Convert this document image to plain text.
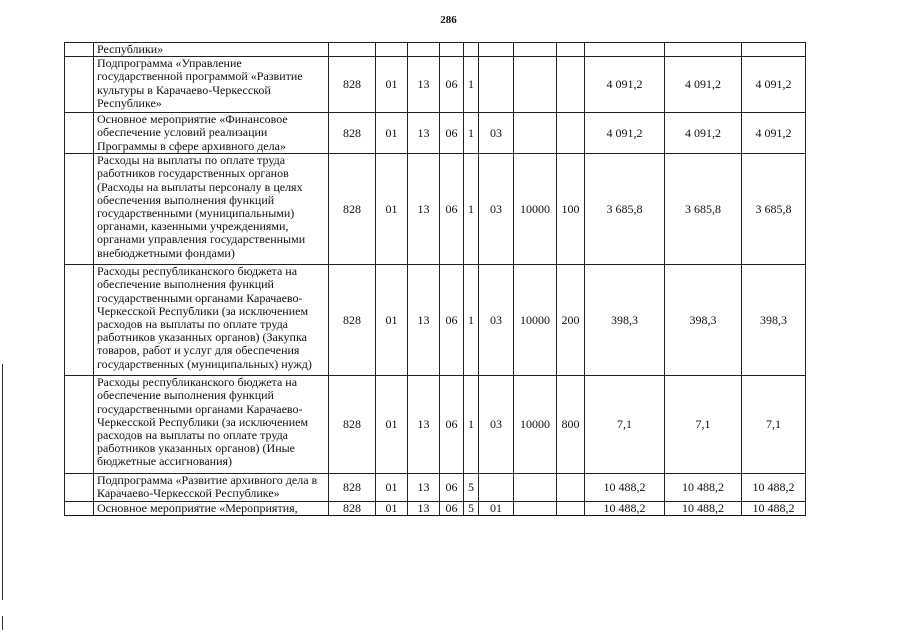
286
	Республики»											
	Подпрограмма «Управление государственной программой «Развитие культуры в Карачаево-Черкесской Республике»	828	01	13	06	1				4 091,2	4 091,2	4 091,2
	Основное мероприятие «Финансовое обеспечение условий реализации Программы в сфере архивного дела»	828	01	13	06	1	03			4 091,2	4 091,2	4 091,2
	Расходы на выплаты по оплате труда работников государственных органов (Расходы на выплаты персоналу в целях обеспечения выполнения функций государственными (муниципальными) органами, казенными учреждениями, органами управления государственными внебюджетными фондами)	828	01	13	06	1	03	10000	100	3 685,8	3 685,8	3 685,8
	Расходы республиканского бюджета на обеспечение выполнения функций государственными органами Карачаево-Черкесской Республики (за исключением расходов на выплаты по оплате труда работников указанных органов) (Закупка товаров, работ и услуг для обеспечения государственных (муниципальных) нужд)	828	01	13	06	1	03	10000	200	398,3	398,3	398,3
	Расходы республиканского бюджета на обеспечение выполнения функций государственными органами Карачаево-Черкесской Республики (за исключением расходов на выплаты по оплате труда работников указанных органов) (Иные бюджетные ассигнования)	828	01	13	06	1	03	10000	800	7,1	7,1	7,1
	Подпрограмма «Развитие архивного дела в Карачаево-Черкесской Республике»	828	01	13	06	5				10 488,2	10 488,2	10 488,2
	Основное мероприятие «Мероприятия,	828	01	13	06	5	01			10 488,2	10 488,2	10 488,2
